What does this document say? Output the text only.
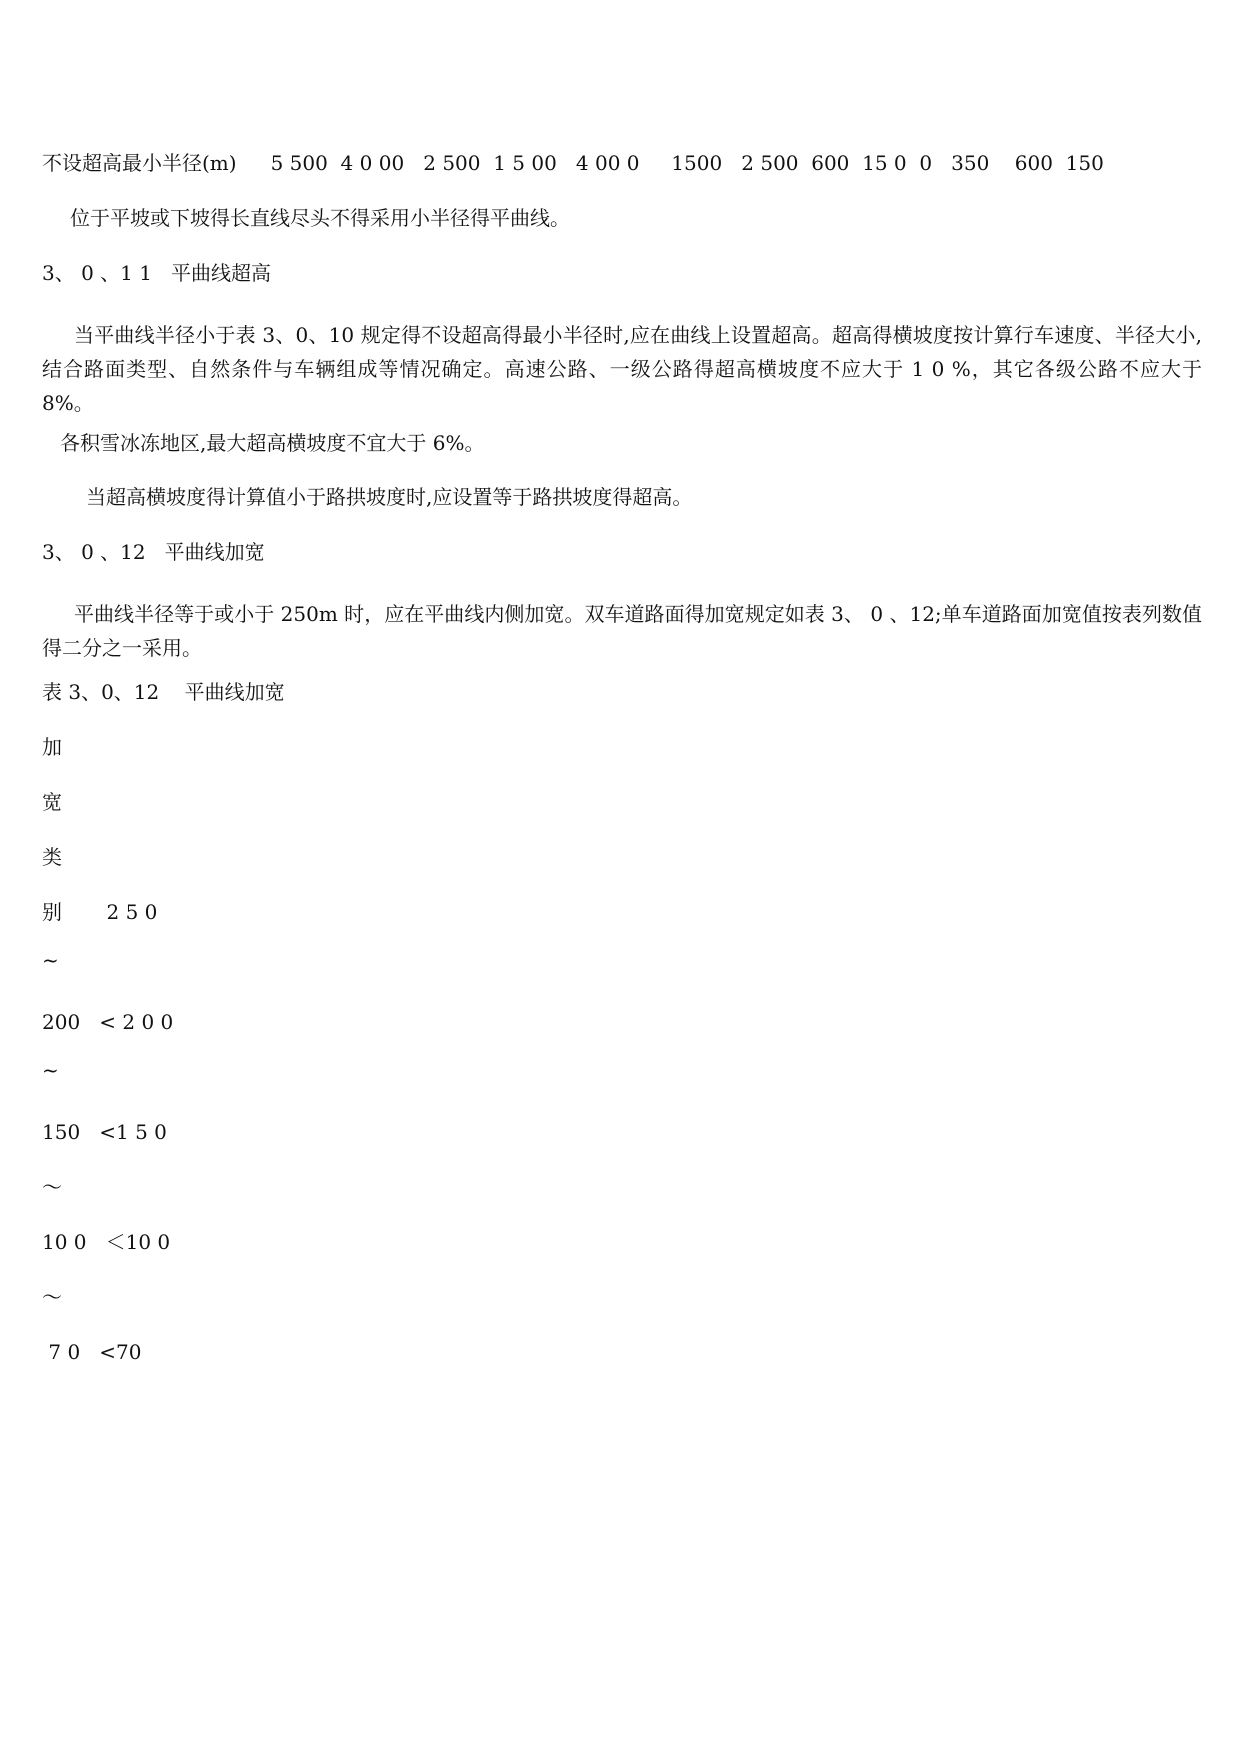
不设超高最小半径(m) 5 500  4 0 00   2 500  1 5 00   4 00 0     1500   2 500  600  15 0  0   350    600  150
位于平坡或下坡得长直线尽头不得采用小半径得平曲线。
3、 0 、1 1   平曲线超高
当平曲线半径小于表 3、0、10 规定得不设超高得最小半径时,应在曲线上设置超高。超高得横坡度按计算行车速度、半径大小,结合路面类型、自然条件与车辆组成等情况确定。高速公路、一级公路得超高横坡度不应大于 1 0 %，其它各级公路不应大于 8%。
各积雪冰冻地区,最大超高横坡度不宜大于 6%。
当超高横坡度得计算值小于路拱坡度时,应设置等于路拱坡度得超高。
3、 0 、12   平曲线加宽
平曲线半径等于或小于 250m 时，应在平曲线内侧加宽。双车道路面得加宽规定如表 3、 0 、12;单车道路面加宽值按表列数值得二分之一采用。
表 3、0、12    平曲线加宽
加
宽
类
别       2 5 0
~
200   < 2 0 0
~
150   <1 5 0
～
10 0   ＜10 0
～
7 0   <70
